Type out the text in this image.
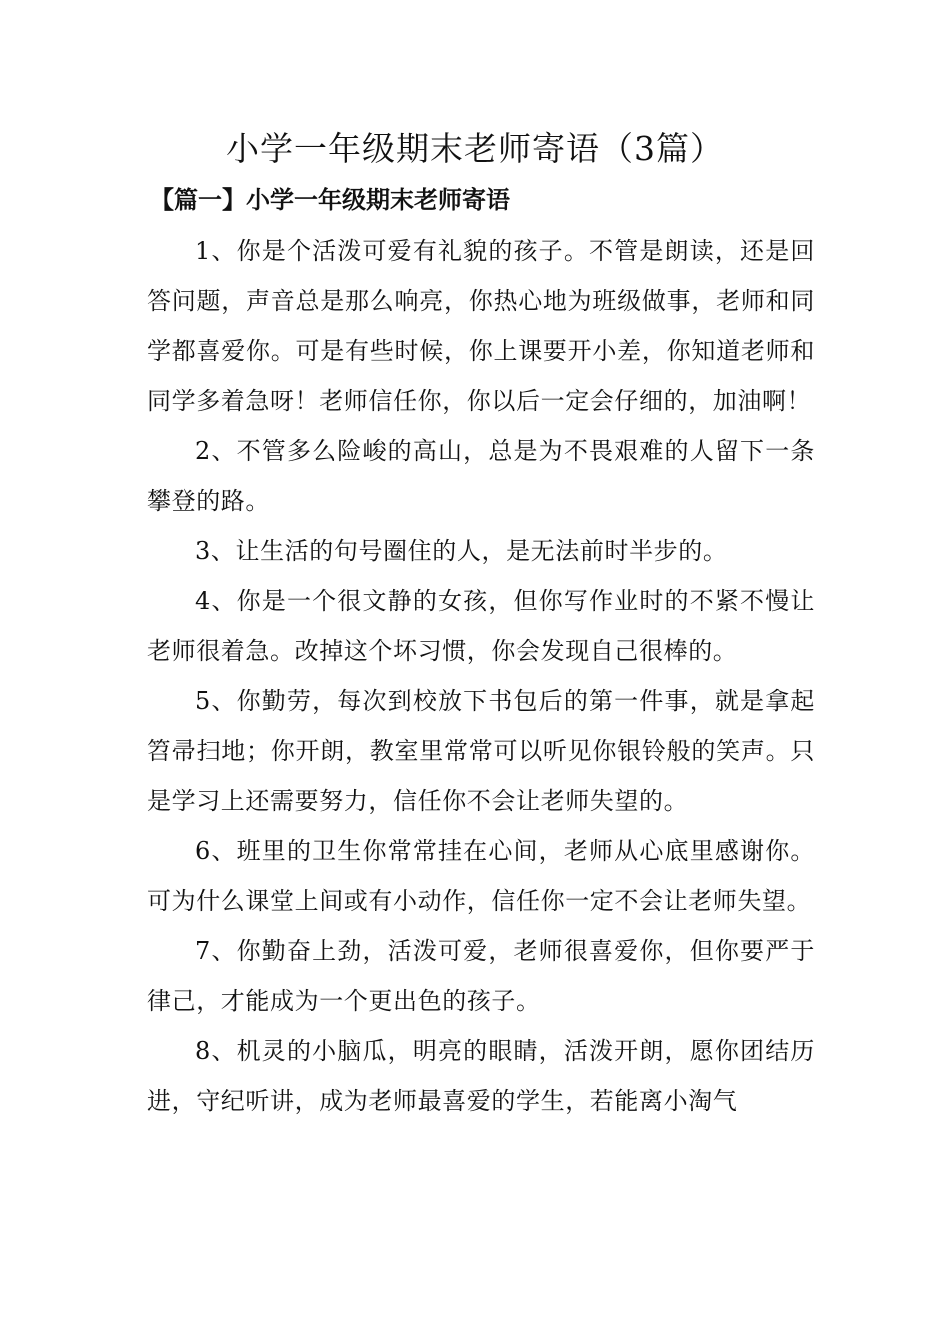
小学一年级期末老师寄语（3篇）
【篇一】小学一年级期末老师寄语

1、你是个活泼可爱有礼貌的孩子。不管是朗读，还是回答问题，声音总是那么响亮，你热心地为班级做事，老师和同学都喜爱你。可是有些时候，你上课要开小差，你知道老师和同学多着急呀！老师信任你，你以后一定会仔细的，加油啊！

2、不管多么险峻的高山，总是为不畏艰难的人留下一条攀登的路。

3、让生活的句号圈住的人，是无法前时半步的。

4、你是一个很文静的女孩，但你写作业时的不紧不慢让老师很着急。改掉这个坏习惯，你会发现自己很棒的。

5、你勤劳，每次到校放下书包后的第一件事，就是拿起笤帚扫地；你开朗，教室里常常可以听见你银铃般的笑声。只是学习上还需要努力，信任你不会让老师失望的。

6、班里的卫生你常常挂在心间，老师从心底里感谢你。可为什么课堂上间或有小动作，信任你一定不会让老师失望。

7、你勤奋上劲，活泼可爱，老师很喜爱你，但你要严于律己，才能成为一个更出色的孩子。

8、机灵的小脑瓜，明亮的眼睛，活泼开朗，愿你团结历进，守纪听讲，成为老师最喜爱的学生，若能离小淘气
